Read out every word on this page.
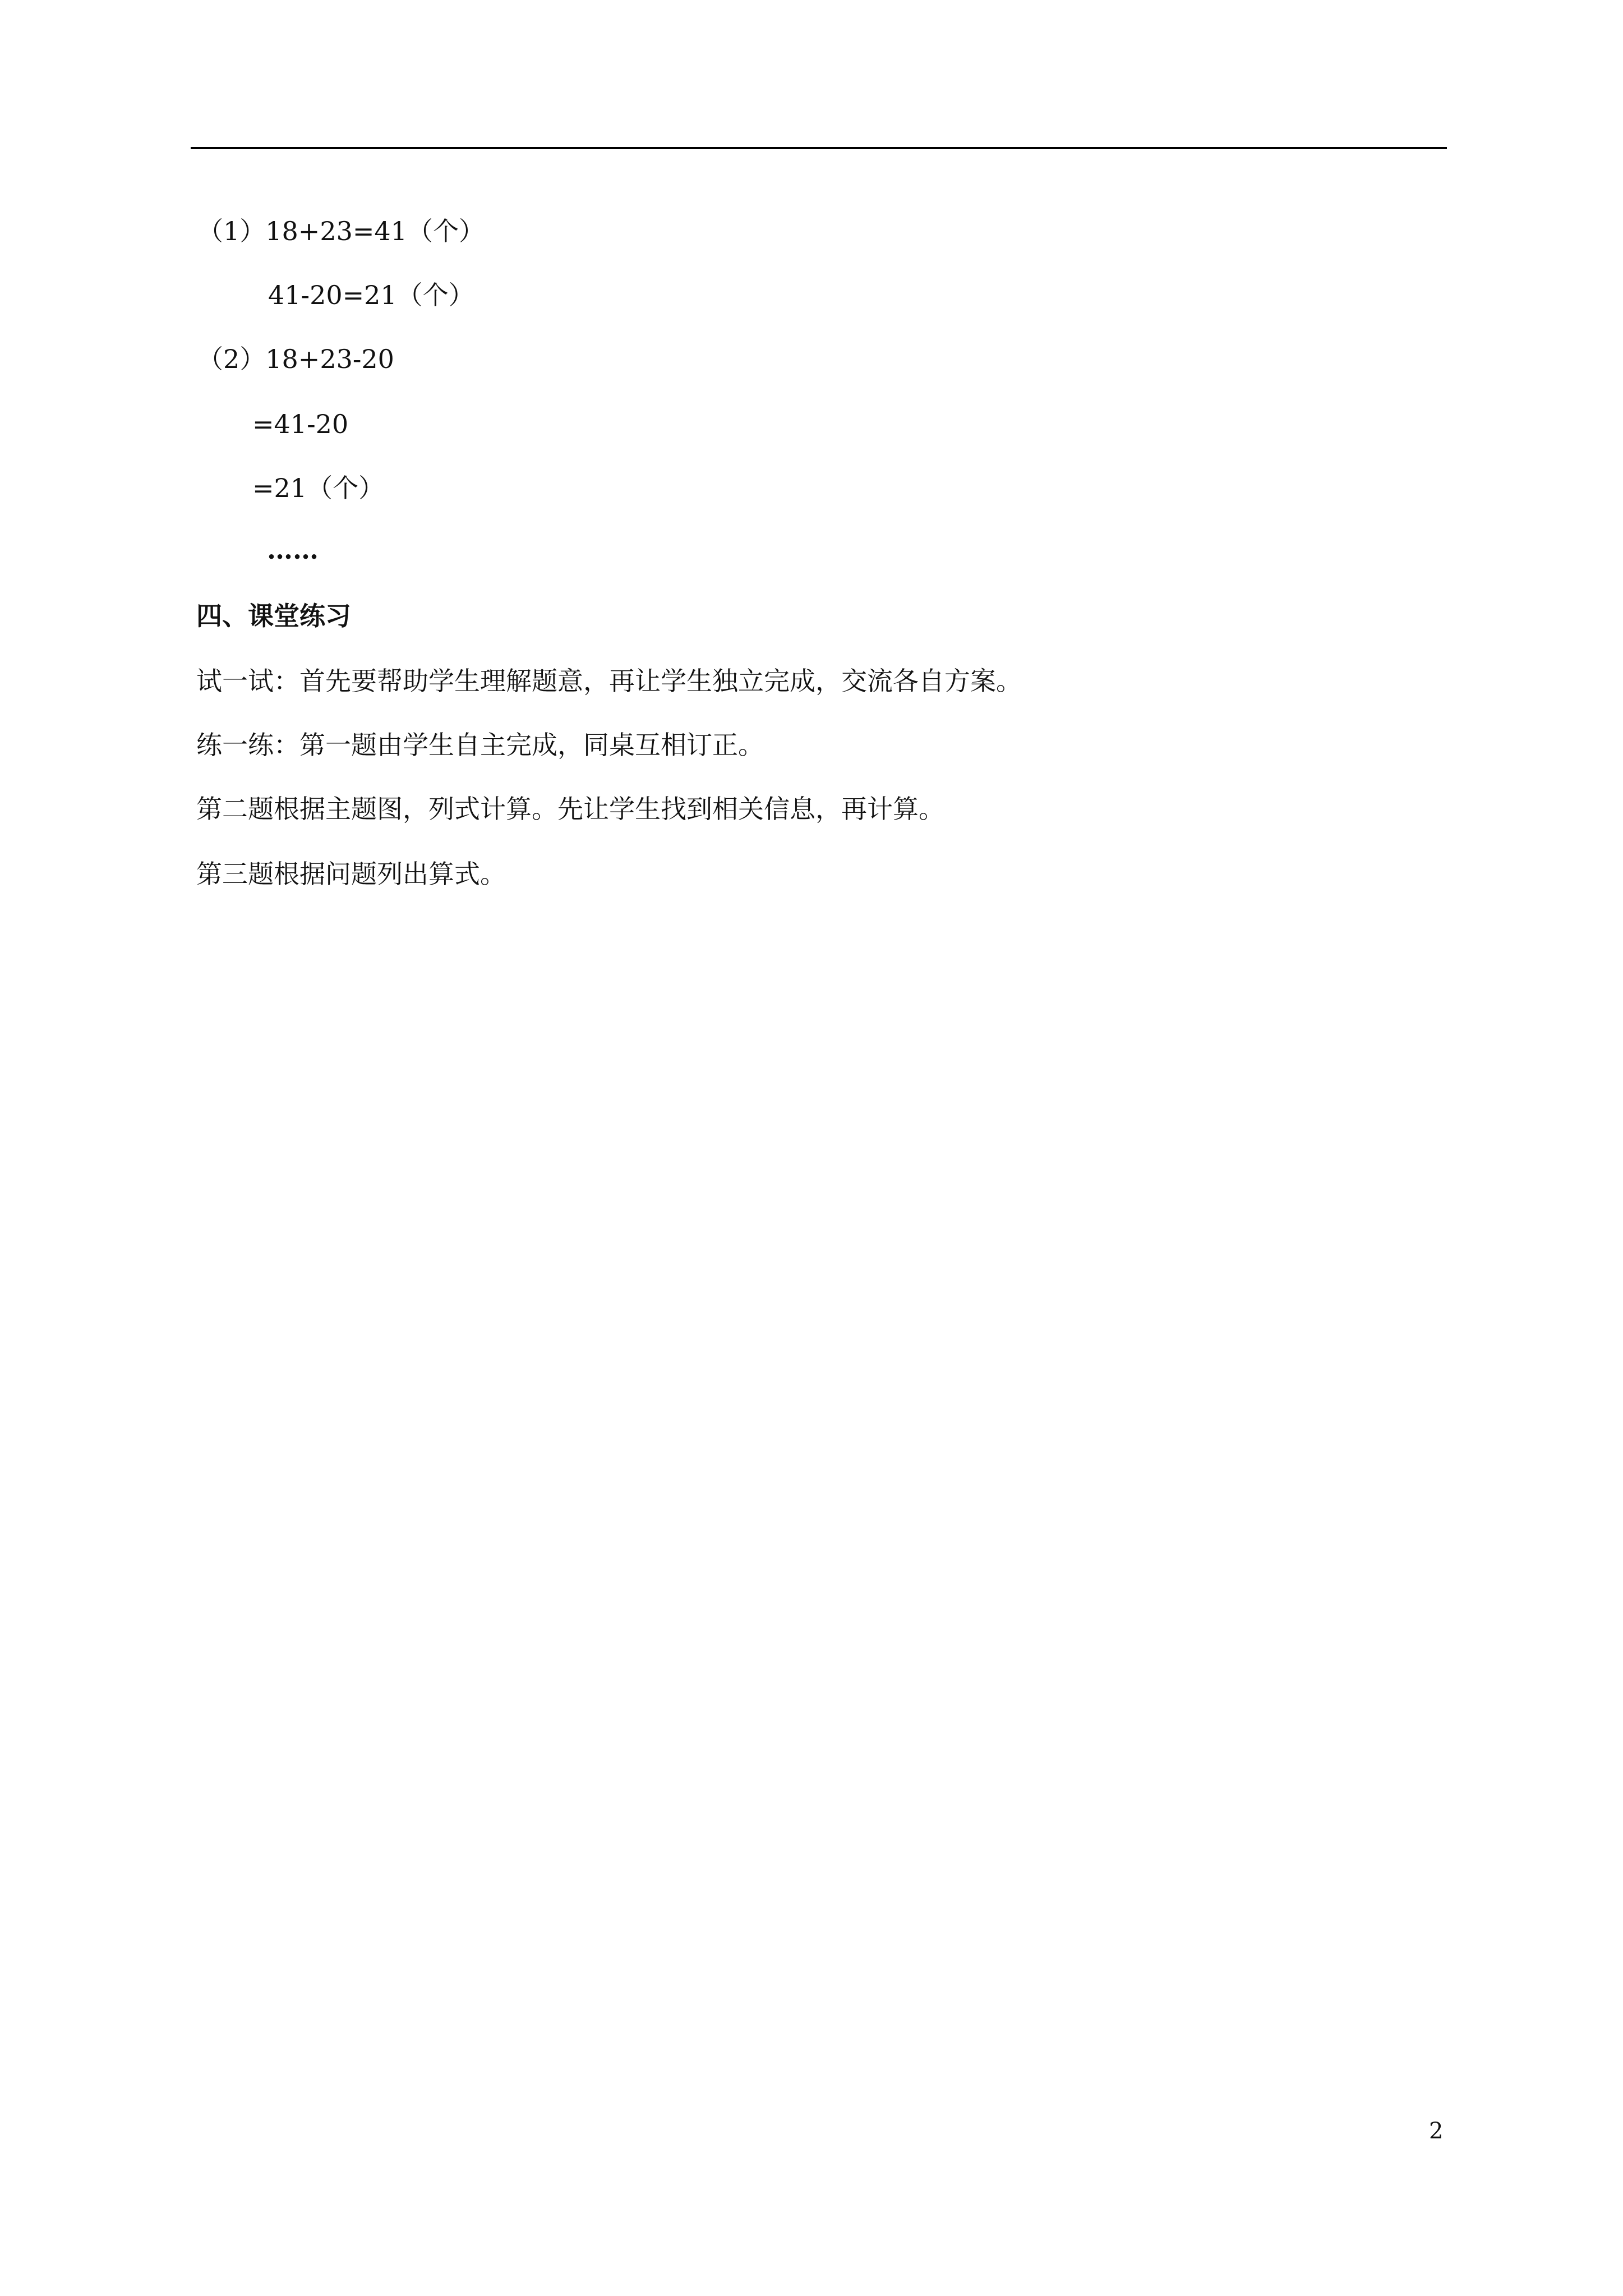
（1）18+23=41（个）
41-20=21（个）
（2）18+23-20
=41-20
=21（个）
……
四、课堂练习
试一试：首先要帮助学生理解题意，再让学生独立完成，交流各自方案。
练一练：第一题由学生自主完成，同桌互相订正。
第二题根据主题图，列式计算。先让学生找到相关信息，再计算。
第三题根据问题列出算式。
2
